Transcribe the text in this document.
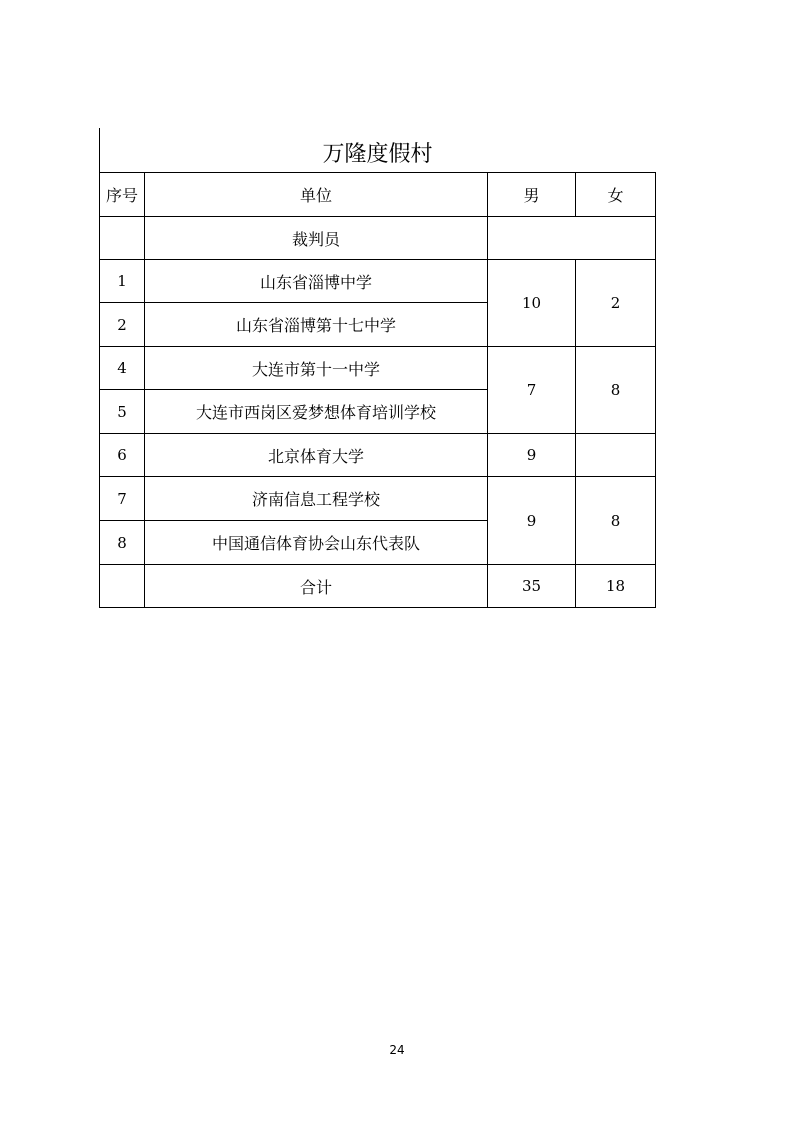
万隆度假村
序号	单位	男	女
	裁判员		
1	山东省淄博中学	10	2
2	山东省淄博第十七中学		
4	大连市第十一中学	7	8
5	大连市西岗区爱梦想体育培训学校		
6	北京体育大学	9	
7	济南信息工程学校	9	8
8	中国通信体育协会山东代表队		
	合计	35	18
24
